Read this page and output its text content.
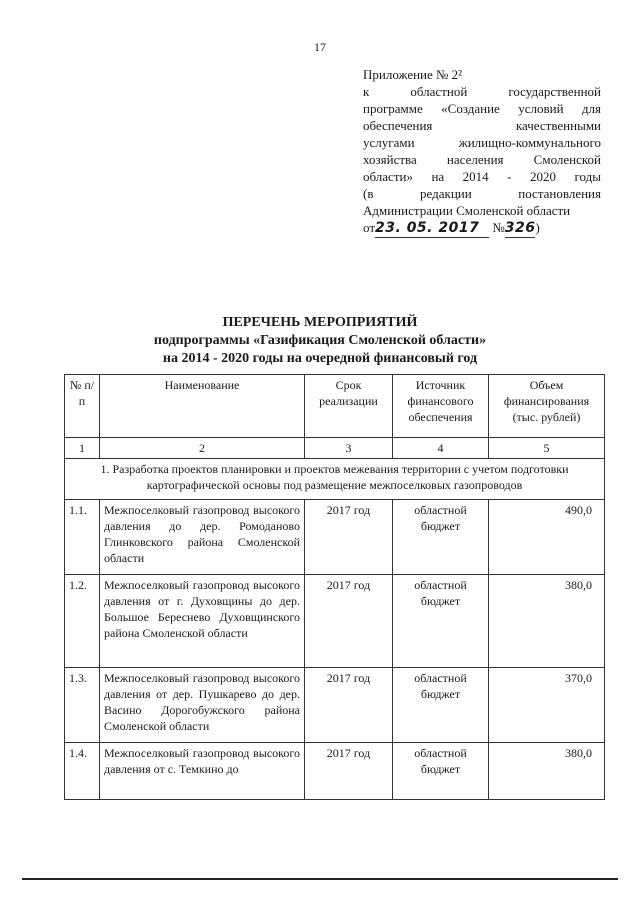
17
Приложение № 2²
к областной государственной
программе «Создание условий для
обеспечения качественными
услугами жилищно-коммунального
хозяйства населения Смоленской
области» на 2014 - 2020 годы
(в редакции постановления
Администрации Смоленской области
от23. 05. 2017 №326)
ПЕРЕЧЕНЬ МЕРОПРИЯТИЙ
подпрограммы «Газификация Смоленской области»
на 2014 - 2020 годы на очередной финансовый год
№ п/п	Наименование	Срок реализации	Источник финансового обеспечения	Объем финансирования (тыс. рублей)
1	2	3	4	5
1. Разработка проектов планировки и проектов межевания территории с учетом подготовки картографической основы под размещение межпоселковых газопроводов				
1.1.	Межпоселковый газопровод высокого давления до дер. Ромоданово Глинковского района Смоленской области	2017 год	областной бюджет	490,0
1.2.	Межпоселковый газопровод высокого давления от г. Духовщины до дер. Большое Береснево Духовщинского района Смоленской области	2017 год	областной бюджет	380,0
1.3.	Межпоселковый газопровод высокого давления от дер. Пушкарево до дер. Васино Дорогобужского района Смоленской области	2017 год	областной бюджет	370,0
1.4.	Межпоселковый газопровод высокого давления от с. Темкино до	2017 год	областной бюджет	380,0
